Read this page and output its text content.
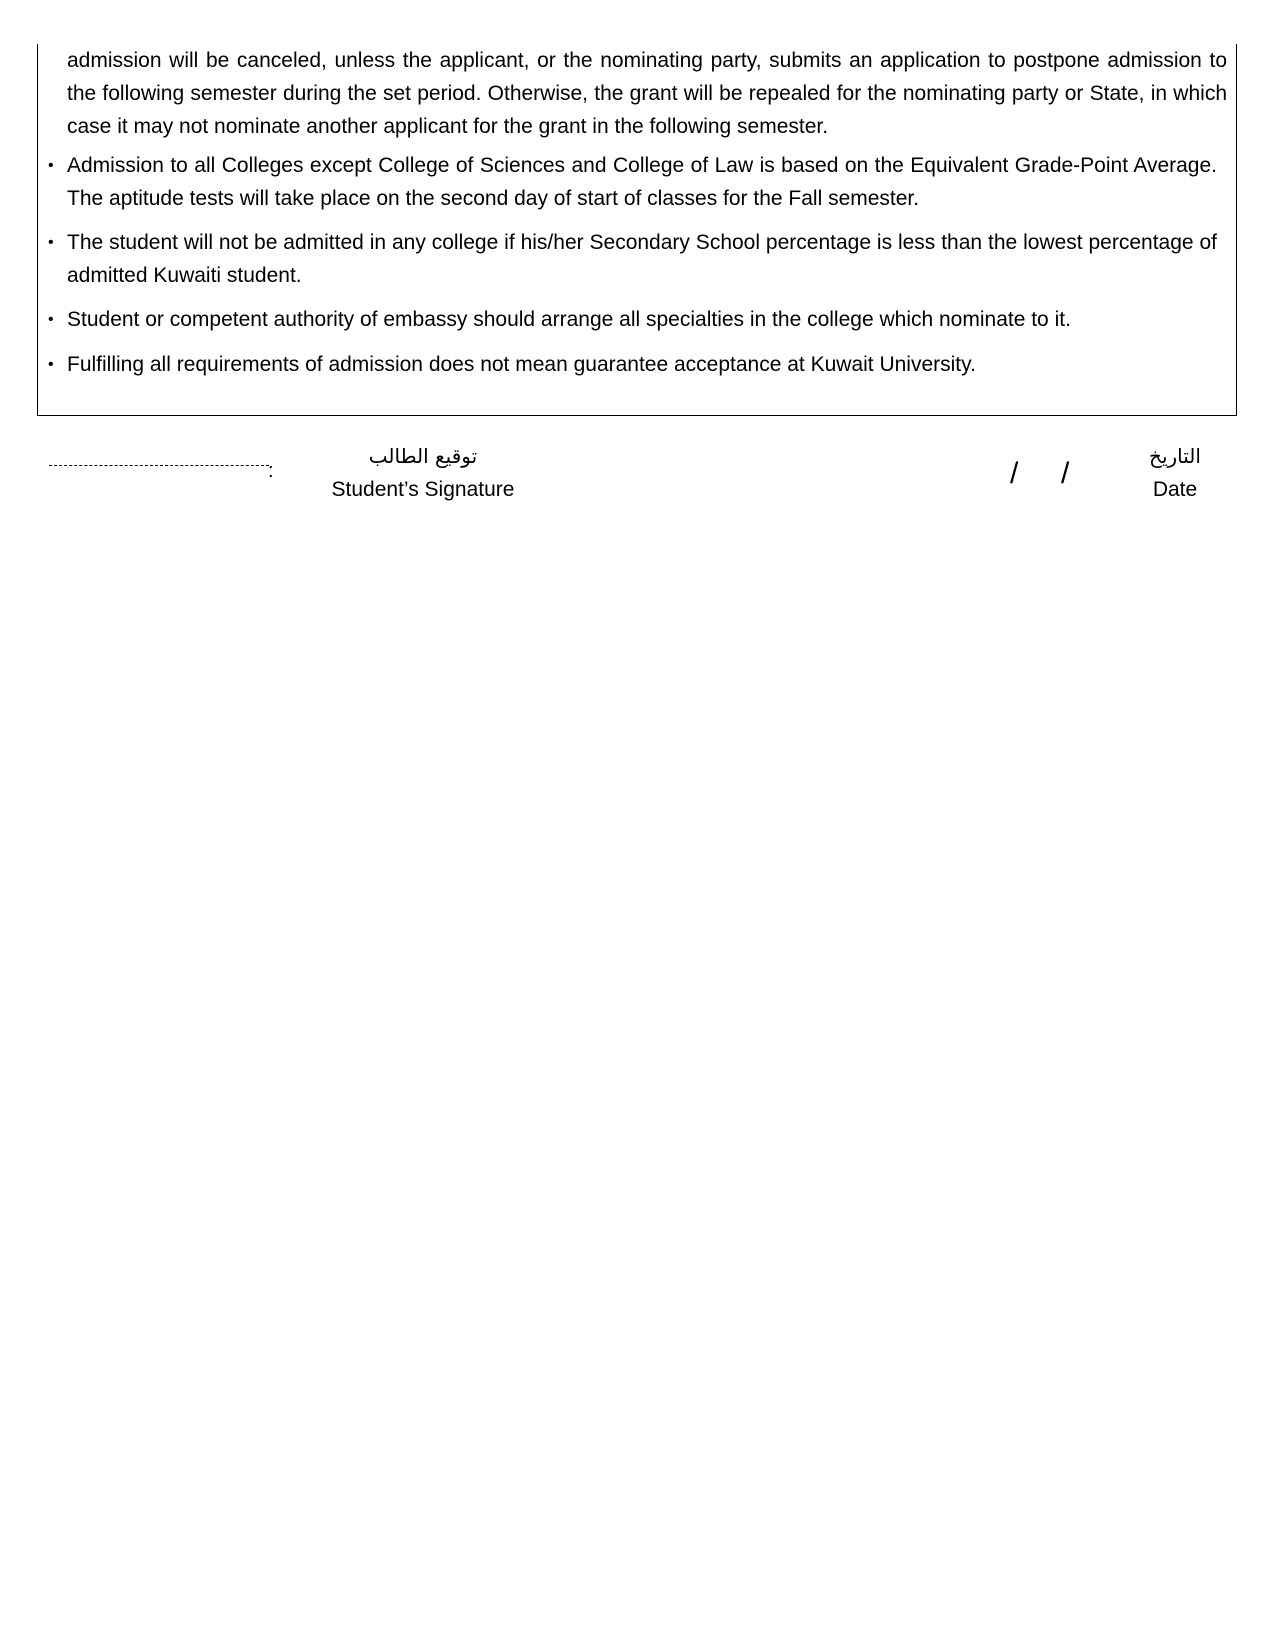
admission will be canceled, unless the applicant, or the nominating party, submits an application to postpone admission to the following semester during the set period. Otherwise, the grant will be repealed for the nominating party or State, in which case it may not nominate another applicant for the grant in the following semester.
• Admission to all Colleges except College of Sciences and College of Law is based on the Equivalent Grade-Point Average. The aptitude tests will take place on the second day of start of classes for the Fall semester.
• The student will not be admitted in any college if his/her Secondary School percentage is less than the lowest percentage of admitted Kuwaiti student.
• Student or competent authority of embassy should arrange all specialties in the college which nominate to it.
• Fulfilling all requirements of admission does not mean guarantee acceptance at Kuwait University.
:
توقيع الطالب
Student’s Signature	/ /
التاريخ
Date
